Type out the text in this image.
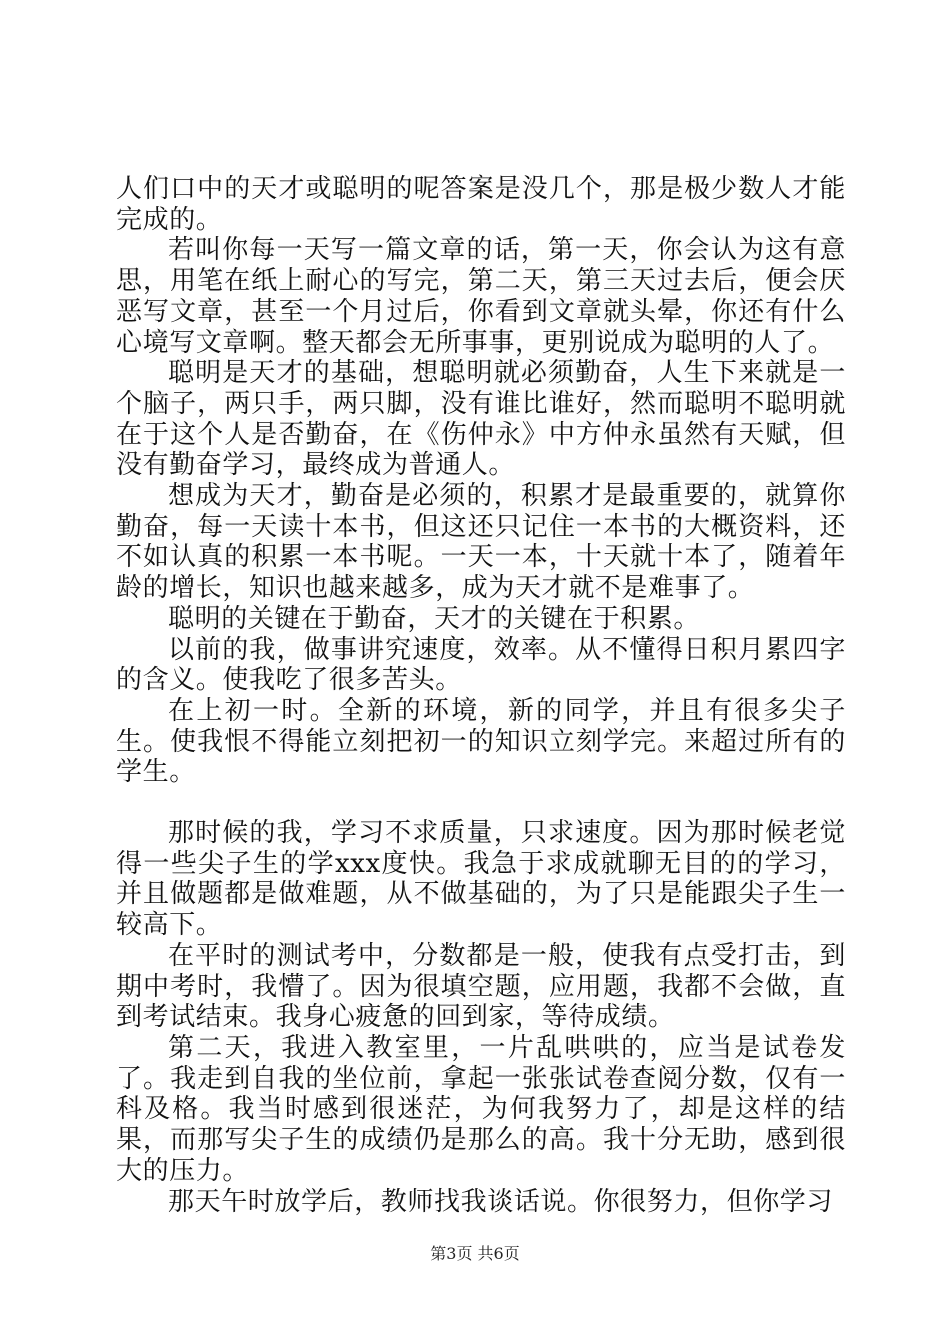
人们口中的天才或聪明的呢答案是没几个，那是极少数人才能完成的。

若叫你每一天写一篇文章的话，第一天，你会认为这有意思，用笔在纸上耐心的写完，第二天，第三天过去后，便会厌恶写文章，甚至一个月过后，你看到文章就头晕，你还有什么心境写文章啊。整天都会无所事事，更别说成为聪明的人了。

聪明是天才的基础，想聪明就必须勤奋，人生下来就是一个脑子，两只手，两只脚，没有谁比谁好，然而聪明不聪明就在于这个人是否勤奋，在《伤仲永》中方仲永虽然有天赋，但没有勤奋学习，最终成为普通人。

想成为天才，勤奋是必须的，积累才是最重要的，就算你勤奋，每一天读十本书，但这还只记住一本书的大概资料，还不如认真的积累一本书呢。一天一本，十天就十本了，随着年龄的增长，知识也越来越多，成为天才就不是难事了。

聪明的关键在于勤奋，天才的关键在于积累。

以前的我，做事讲究速度，效率。从不懂得日积月累四字的含义。使我吃了很多苦头。

在上初一时。全新的环境，新的同学，并且有很多尖子生。使我恨不得能立刻把初一的知识立刻学完。来超过所有的学生。

那时候的我，学习不求质量，只求速度。因为那时候老觉得一些尖子生的学xxx度快。我急于求成就聊无目的的学习，并且做题都是做难题，从不做基础的，为了只是能跟尖子生一较高下。

在平时的测试考中，分数都是一般，使我有点受打击，到期中考时，我懵了。因为很填空题，应用题，我都不会做，直到考试结束。我身心疲惫的回到家，等待成绩。

第二天，我进入教室里，一片乱哄哄的，应当是试卷发了。我走到自我的坐位前，拿起一张张试卷查阅分数，仅有一科及格。我当时感到很迷茫，为何我努力了，却是这样的结果，而那写尖子生的成绩仍是那么的高。我十分无助，感到很大的压力。

那天午时放学后，教师找我谈话说。你很努力，但你学习

第3页 共6页
